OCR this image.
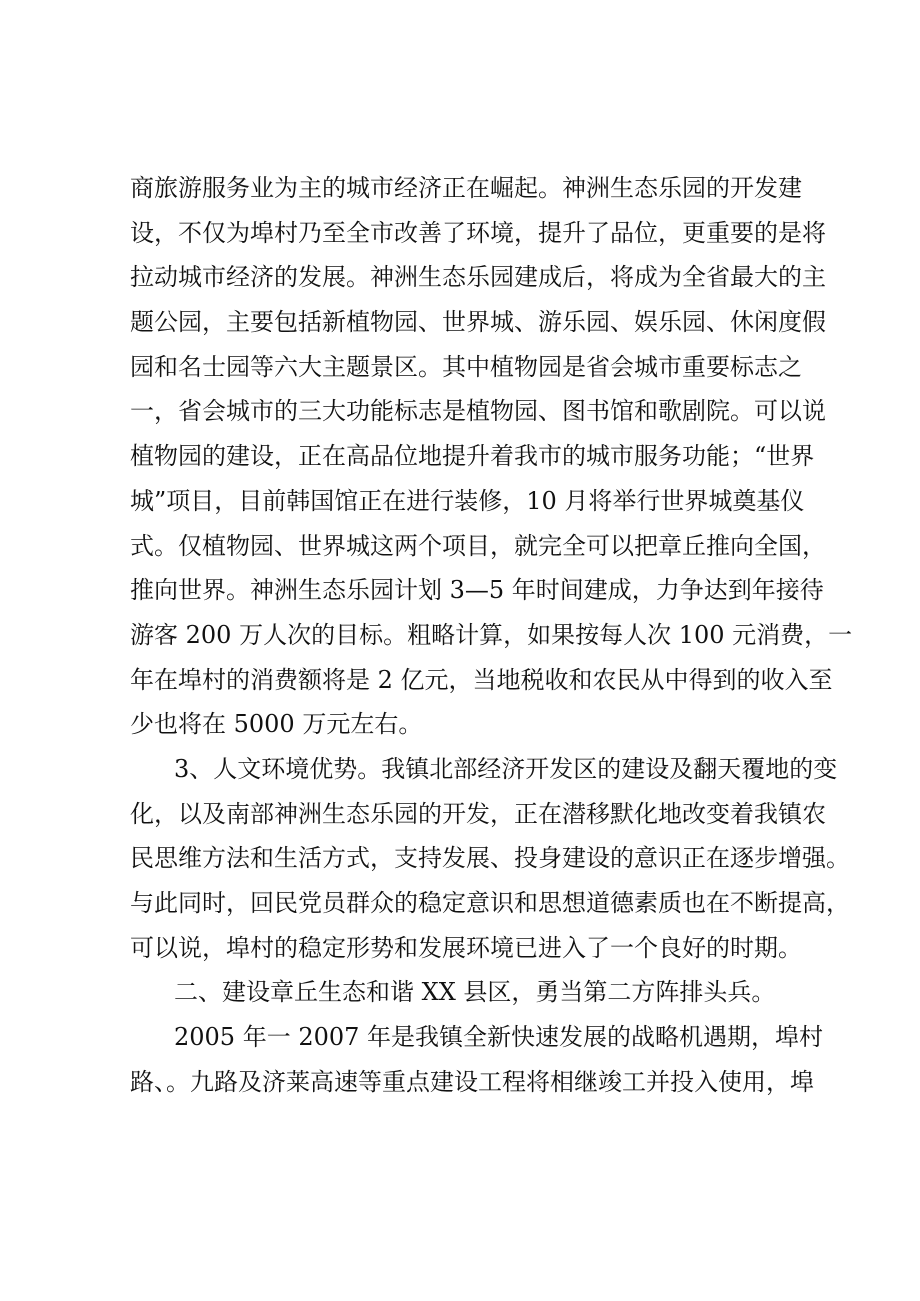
商旅游服务业为主的城市经济正在崛起。神洲生态乐园的开发建
设，不仅为埠村乃至全市改善了环境，提升了品位，更重要的是将
拉动城市经济的发展。神洲生态乐园建成后，将成为全省最大的主
题公园，主要包括新植物园、世界城、游乐园、娱乐园、休闲度假
园和名士园等六大主题景区。其中植物园是省会城市重要标志之
一，省会城市的三大功能标志是植物园、图书馆和歌剧院。可以说
植物园的建设，正在高品位地提升着我市的城市服务功能；“世界
城”项目，目前韩国馆正在进行装修，10 月将举行世界城奠基仪
式。仅植物园、世界城这两个项目，就完全可以把章丘推向全国，
推向世界。神洲生态乐园计划 3—5 年时间建成，力争达到年接待
游客 200 万人次的目标。粗略计算，如果按每人次 100 元消费，一
年在埠村的消费额将是 2 亿元，当地税收和农民从中得到的收入至
少也将在 5000 万元左右。
3、人文环境优势。我镇北部经济开发区的建设及翻天覆地的变
化，以及南部神洲生态乐园的开发，正在潜移默化地改变着我镇农
民思维方法和生活方式，支持发展、投身建设的意识正在逐步增强。
与此同时，回民党员群众的稳定意识和思想道德素质也在不断提高，
可以说，埠村的稳定形势和发展环境已进入了一个良好的时期。
二、建设章丘生态和谐 XX 县区，勇当第二方阵排头兵。
2005 年一 2007 年是我镇全新快速发展的战略机遇期，埠村
路、。九路及济莱高速等重点建设工程将相继竣工并投入使用，埠
